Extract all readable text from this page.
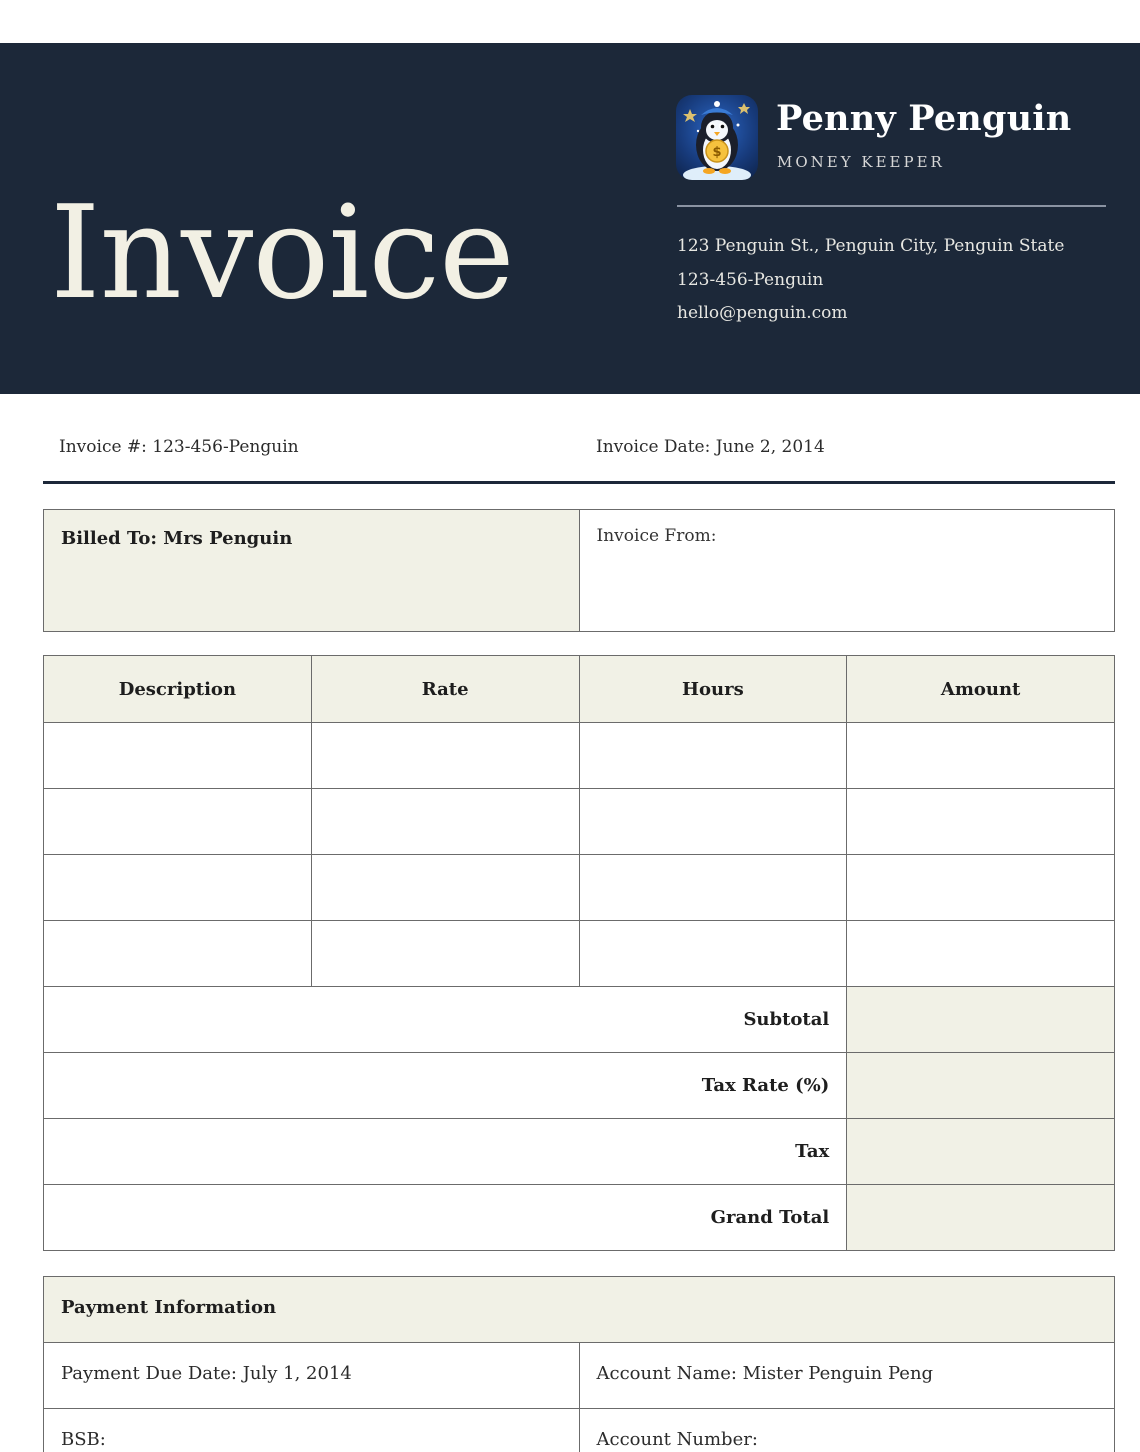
Invoice
$
Penny Penguin
MONEY KEEPER
123 Penguin St., Penguin City, Penguin State
123-456-Penguin
hello@penguin.com
Invoice #: 123-456-Penguin	Invoice Date: June 2, 2014
Billed To: Mrs Penguin	Invoice From:
Description	Rate	Hours	Amount

Subtotal			
Tax Rate (%)			
Tax			
Grand Total			
Payment Information
Payment Due Date: July 1, 2014	Account Name: Mister Penguin Peng
BSB:	Account Number:
